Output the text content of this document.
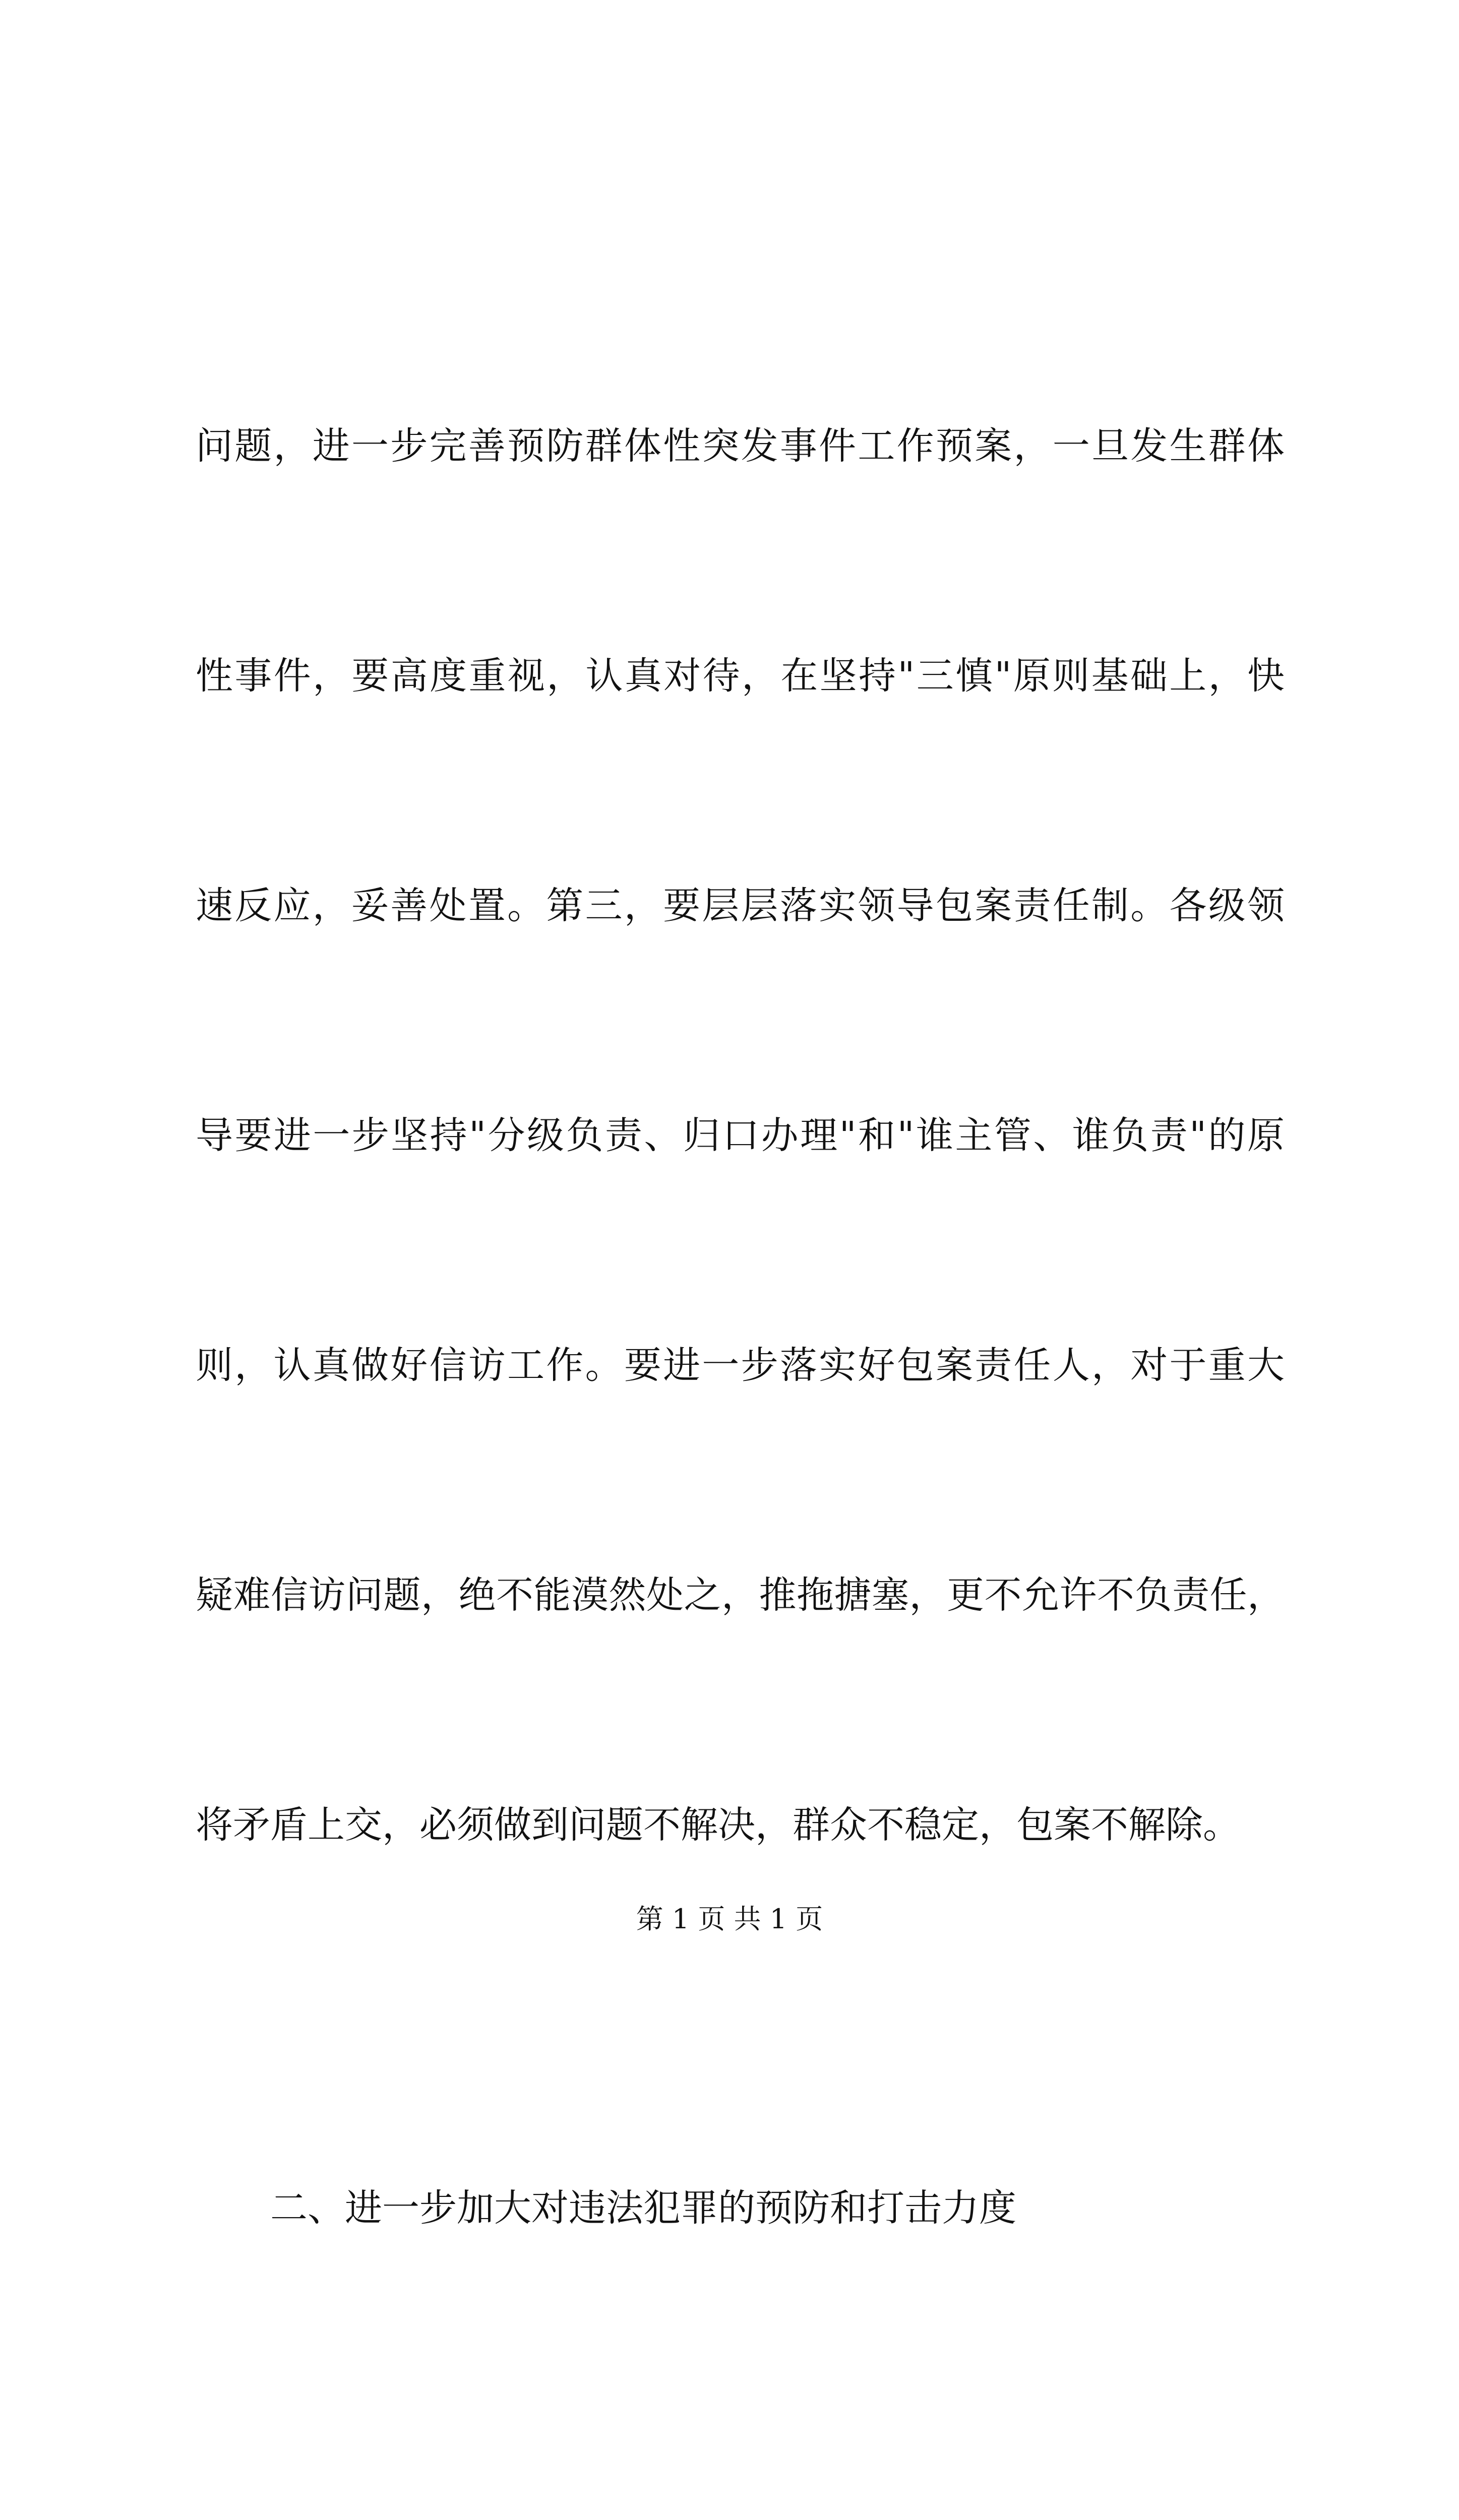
问题，进一步完善预防群体性突发事件工作预案，一旦发生群体

性事件，要高度重视，认真对待，在坚持"三慎"原则基础上，快

速反应，妥善处置。第三，要层层落实领导包案责任制。各级领

导要进一步坚持"分级负责、归口办理"和"谁主管、谁负责"的原

则，认真做好信访工作。要进一步落实好包案责任人，对于重大

疑难信访问题，绝不能漠然处之，推拖搪塞，更不允许不负责任，

将矛盾上交，必须做到问题不解决，群众不稳定，包案不解除。

二、进一步加大对违法犯罪的预防和打击力度

第 1 页 共 1 页
